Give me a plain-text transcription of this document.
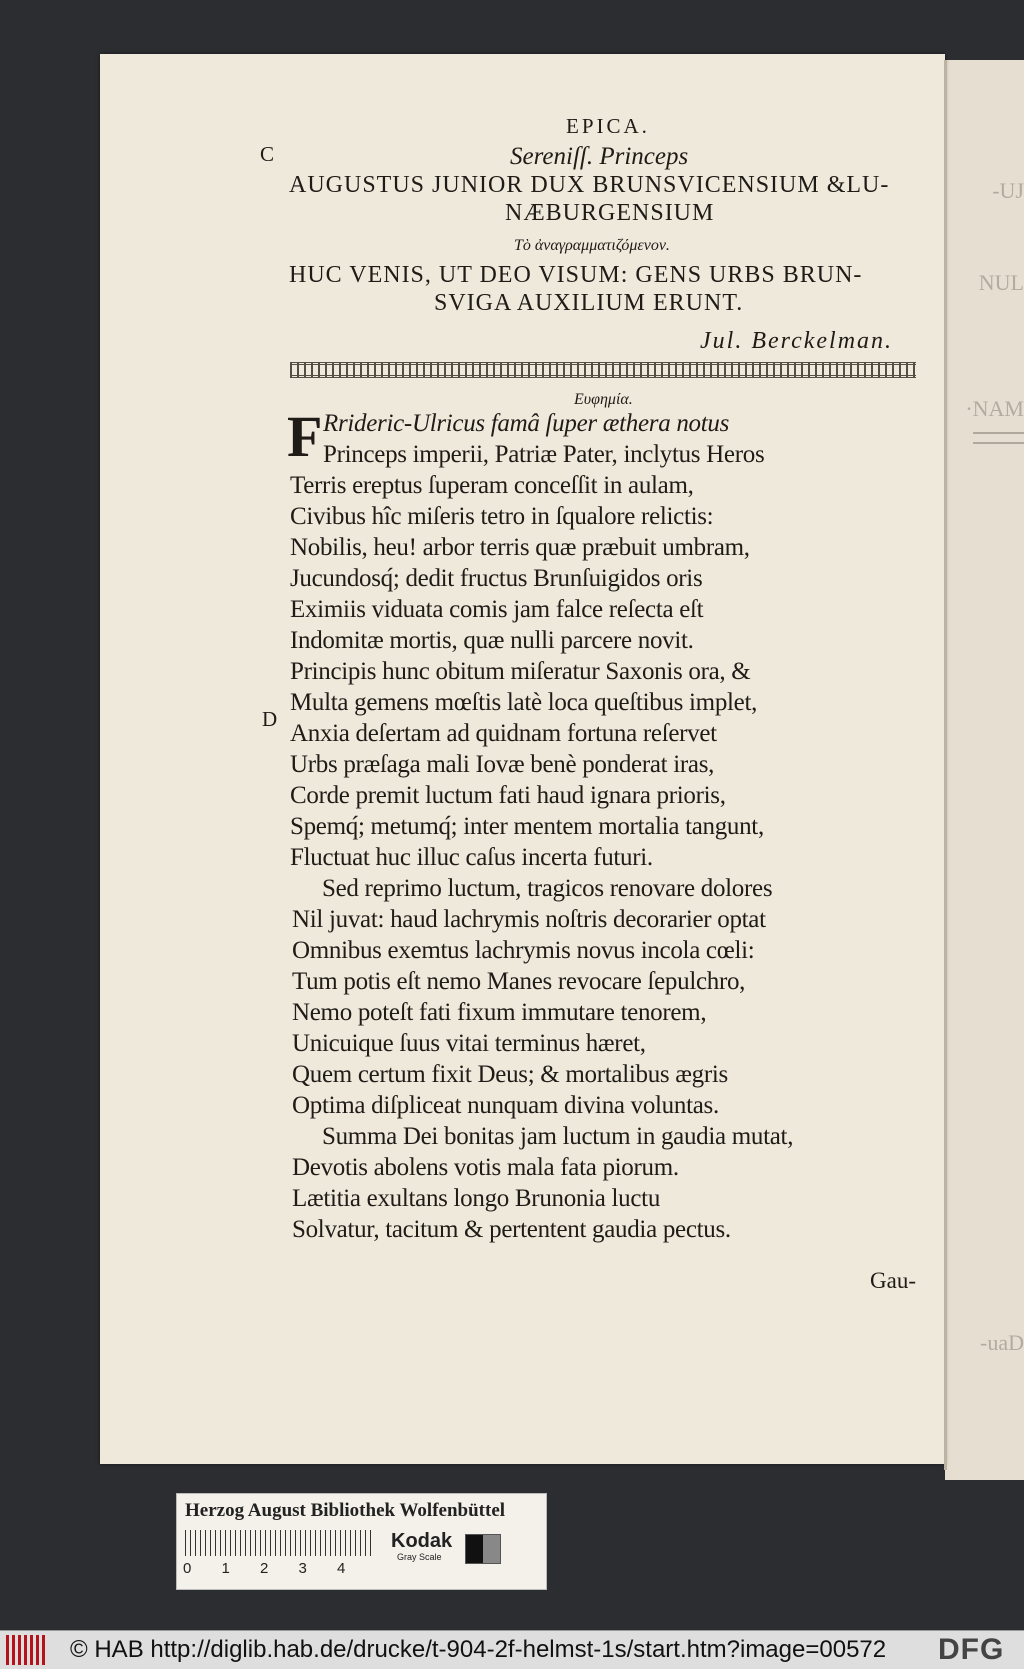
-UJ
NUL
·NAM
-uaD
EPICA.
C	Sereniſſ. Princeps
AUGUSTUS JUNIOR DUX BRUNSVICENSIUM &LU-
NÆBURGENSIUM
Τὸ ἀναγραμματιζόμενον.
HUC VENIS, UT DEO VISUM: GENS URBS BRUN-
SVIGA AUXILIUM ERUNT.
Jul. Berckelman.
Ευφημία.
F
D
Rrideric-Ulricus famâ ſuper æthera notus
Princeps imperii, Patriæ Pater, inclytus Heros
Terris ereptus ſuperam conceſſit in aulam,
Civibus hîc miſeris tetro in ſqualore relictis:
Nobilis, heu! arbor terris quæ præbuit umbram,
Jucundosq́; dedit fructus Brunſuigidos oris
Eximiis viduata comis jam falce reſecta eſt
Indomitæ mortis, quæ nulli parcere novit.
Principis hunc obitum miſeratur Saxonis ora, &
Multa gemens mœſtis latè loca queſtibus implet,
Anxia deſertam ad quidnam fortuna reſervet
Urbs præſaga mali Iovæ benè ponderat iras,
Corde premit luctum fati haud ignara prioris,
Spemq́; metumq́; inter mentem mortalia tangunt,
Fluctuat huc illuc caſus incerta futuri.
Sed reprimo luctum, tragicos renovare dolores
Nil juvat: haud lachrymis noſtris decorarier optat
Omnibus exemtus lachrymis novus incola cœli:
Tum potis eſt nemo Manes revocare ſepulchro,
Nemo poteſt fati fixum immutare tenorem,
Unicuique ſuus vitai terminus hæret,
Quem certum fixit Deus; & mortalibus ægris
Optima diſpliceat nunquam divina voluntas.
Summa Dei bonitas jam luctum in gaudia mutat,
Devotis abolens votis mala fata piorum.
Lætitia exultans longo Brunonia luctu
Solvatur, tacitum & pertentent gaudia pectus.
Gau-
Herzog August Bibliothek Wolfenbüttel
0 1 2 3 4
Kodak
Gray Scale
© HAB http://diglib.hab.de/drucke/t-904-2f-helmst-1s/start.htm?image=00572 DFG
